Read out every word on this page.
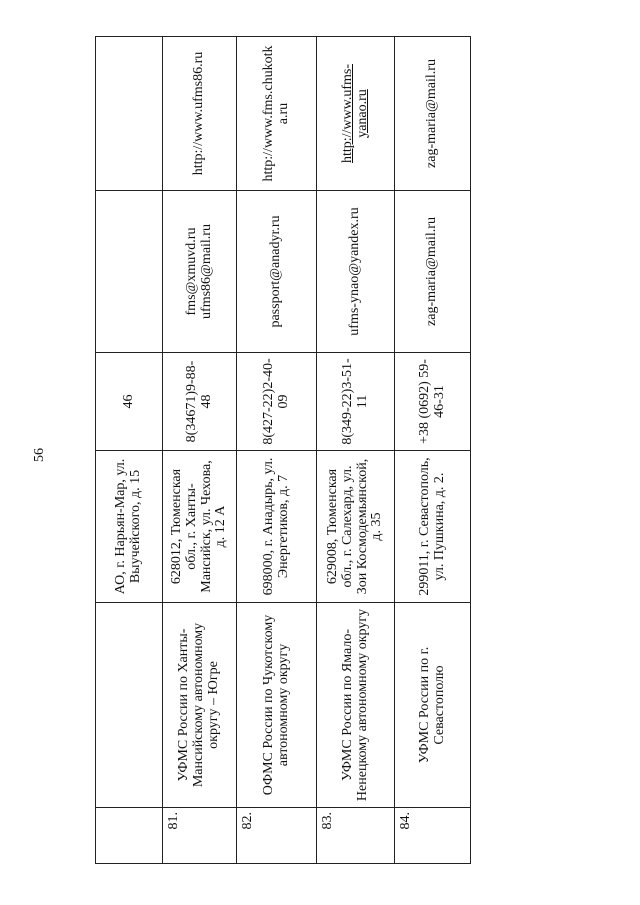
56
		АО, г. Нарьян-Мар, ул. Выучейского, д. 15	46		
81.	УФМС России по Ханты-Мансийскому автономному округу – Югре	628012, Тюменская обл., г. Ханты-Мансийск, ул. Чехова, д. 12 А	8(34671)9-88-48	fms@xmuvd.ru ufms86@mail.ru	http://www.ufms86.ru
82.	ОФМС России по Чукотскому автономному округу	698000, г. Анадырь, ул. Энергетиков, д. 7	8(427-22)2-40-09	passport@anadyr.ru	http://www.fms.chukotka.ru
83.	УФМС России по Ямало-Ненецкому автономному округу	629008, Тюменская обл., г. Салехард, ул. Зои Космодемьянской, д. 35	8(349-22)3-51-11	ufms-ynao@yandex.ru	http://www.ufms-yanao.ru
84.	УФМС России по г. Севастополю	299011, г. Севастополь, ул. Пушкина, д. 2.	+38 (0692) 59-46-31	zag-maria@mail.ru	zag-maria@mail.ru
